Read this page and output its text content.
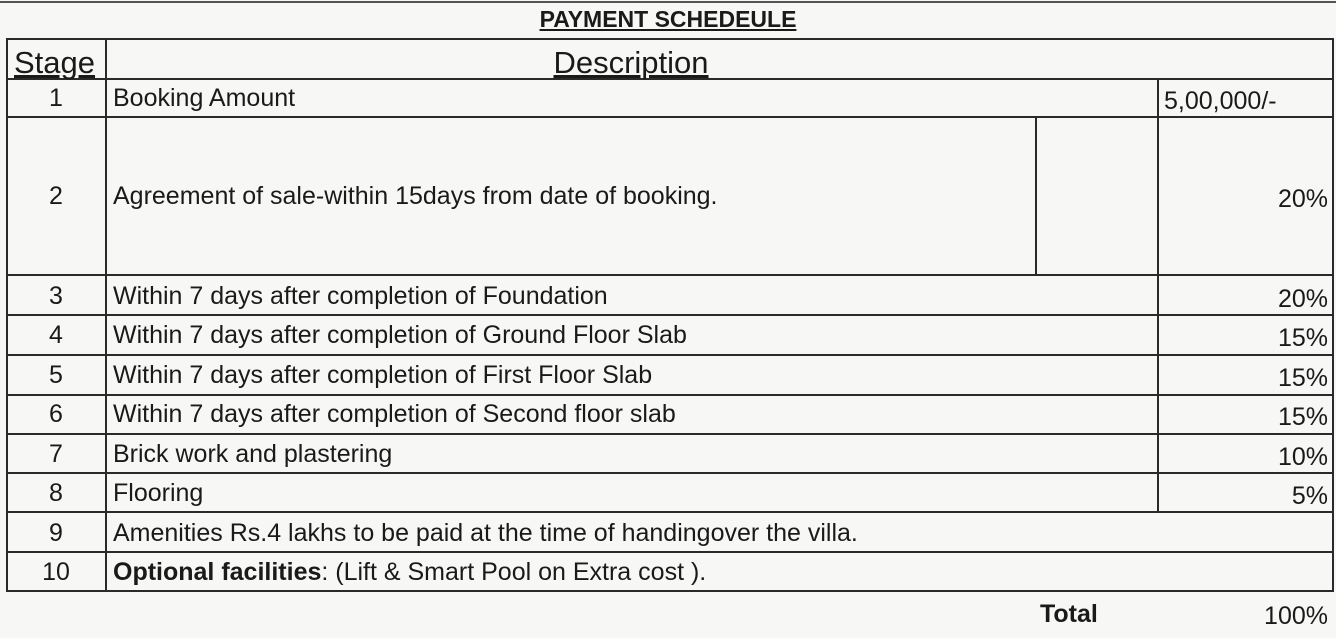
PAYMENT SCHEDEULE
Stage	Description
1	Booking Amount	5,00,000/-
2	Agreement of sale-within 15days from date of booking.	20%
3	Within 7 days after completion of Foundation	20%
4	Within 7 days after completion of Ground Floor Slab	15%
5	Within 7 days after completion of First Floor Slab	15%
6	Within 7 days after completion of Second floor slab	15%
7	Brick work and plastering	10%
8	Flooring	5%
9	Amenities Rs.4 lakhs to be paid at the time of handingover the villa.
10	Optional facilities: (Lift & Smart Pool on Extra cost ).
Total	100%
